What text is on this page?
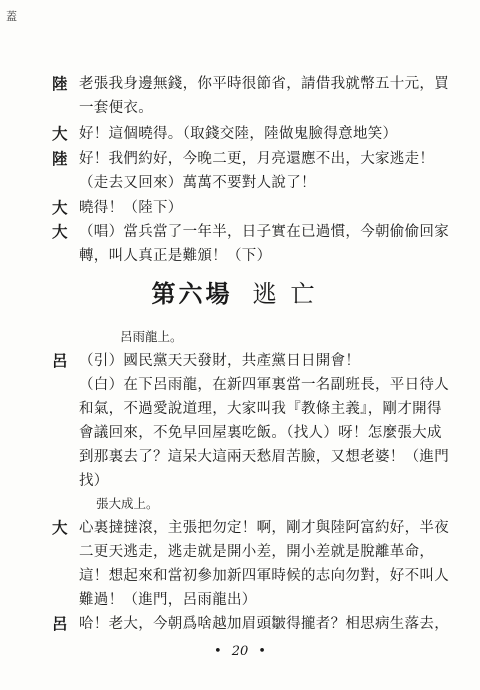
蓋
陸 老張我身邊無錢，你平時很節省，請借我就幣五十元，買
一套便衣。
大 好！這個曉得。（取錢交陸，陸做鬼臉得意地笑）
陸 好！我們約好，今晚二更，月亮還應不出，大家逃走！
（走去又回來）萬萬不要對人說了！
大 曉得！（陸下）
大 （唱）當兵當了一年半，日子實在已過慣，今朝偷偷回家
轉，叫人真正是難頒！（下）
第六場 逃亡
呂雨龍上。
呂 （引）國民黨天天發財，共產黨日日開會！
（白）在下呂雨龍，在新四軍裏當一名副班長，平日待人
和氣，不過愛說道理，大家叫我『教條主義』，剛才開得
會議回來，不免早回屋裏吃飯。（找人）呀！怎麼張大成
到那裏去了？這呆大這兩天愁眉苦臉，又想老婆！（進門
找）
張大成上。
大 心裏撻撻滾，主張把勿定！啊，剛才與陸阿富約好，半夜
二更天逃走，逃走就是開小差，開小差就是脫離革命，
這！想起來和當初參加新四軍時候的志向勿對，好不叫人
難過！（進門，呂雨龍出）
呂 哈！老大，今朝爲啥越加眉頭皺得攏者？相思病生落去，
• 20 •
